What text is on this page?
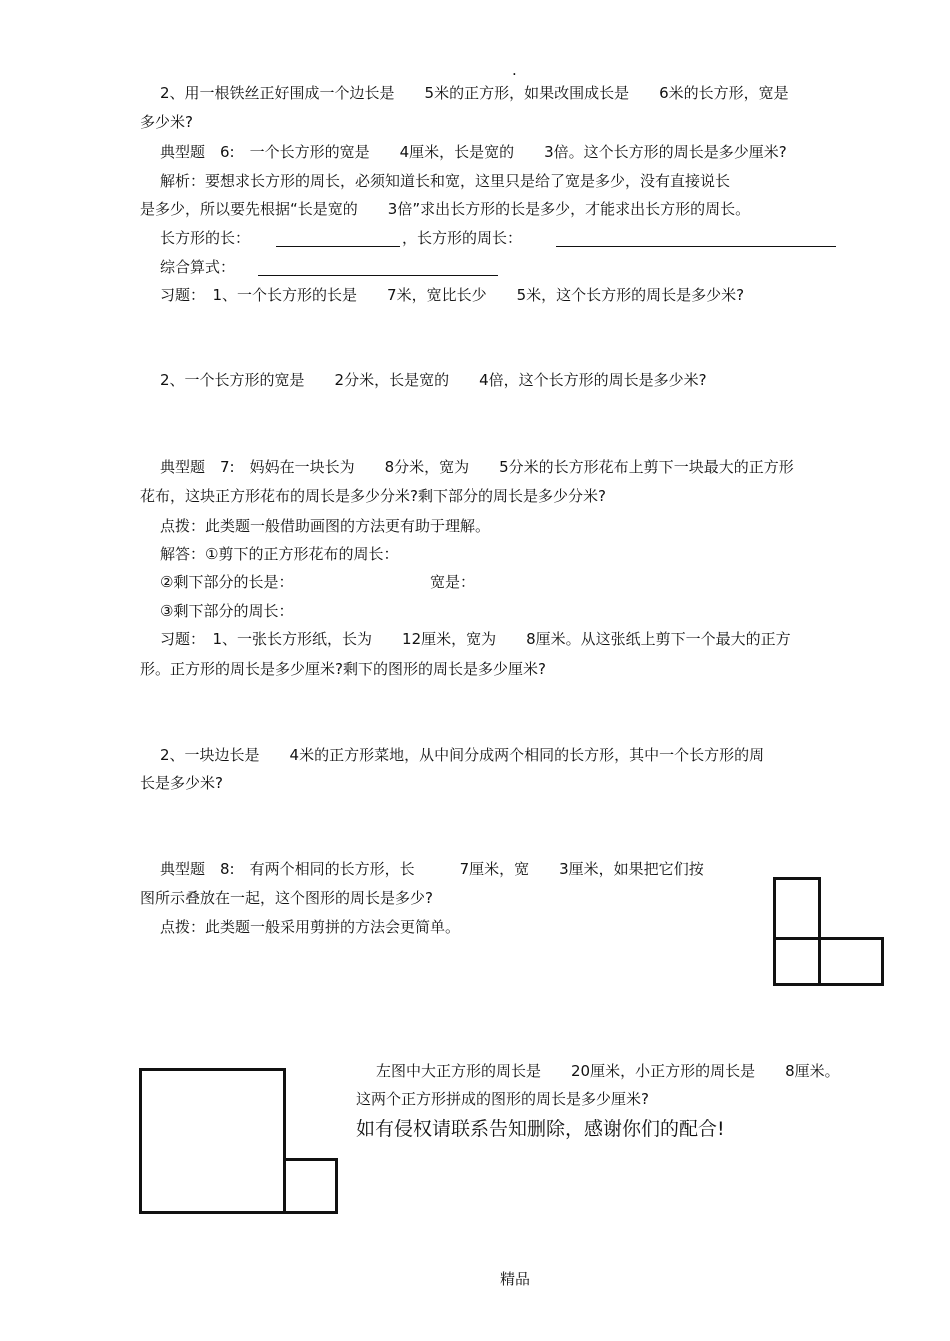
.
2、用一根铁丝正好围成一个边长是　　5米的正方形，如果改围成长是　　6米的长方形，宽是
多少米?
典型题　6:　一个长方形的宽是　　4厘米，长是宽的　　3倍。这个长方形的周长是多少厘米?
解析：要想求长方形的周长，必须知道长和宽，这里只是给了宽是多少，没有直接说长
是多少，所以要先根据“长是宽的　　3倍”求出长方形的长是多少，才能求出长方形的周长。
长方形的长：	，长方形的周长：
综合算式：
习题：　1、一个长方形的长是　　7米，宽比长少　　5米，这个长方形的周长是多少米?
2、一个长方形的宽是　　2分米，长是宽的　　4倍，这个长方形的周长是多少米?
典型题　7:　妈妈在一块长为　　8分米，宽为　　5分米的长方形花布上剪下一块最大的正方形
花布，这块正方形花布的周长是多少分米?剩下部分的周长是多少分米?
点拨：此类题一般借助画图的方法更有助于理解。
解答：①剪下的正方形花布的周长：
②剩下部分的长是：	宽是：
③剩下部分的周长：
习题：　1、一张长方形纸，长为　　12厘米，宽为　　8厘米。从这张纸上剪下一个最大的正方
形。正方形的周长是多少厘米?剩下的图形的周长是多少厘米?
2、一块边长是　　4米的正方形菜地，从中间分成两个相同的长方形，其中一个长方形的周
长是多少米?
典型题　8:　有两个相同的长方形，长　　　7厘米，宽　　3厘米，如果把它们按
图所示叠放在一起，这个图形的周长是多少?
点拨：此类题一般采用剪拼的方法会更简单。
左图中大正方形的周长是　　20厘米，小正方形的周长是　　8厘米。
这两个正方形拼成的图形的周长是多少厘米?
如有侵权请联系告知删除，感谢你们的配合!
精品
